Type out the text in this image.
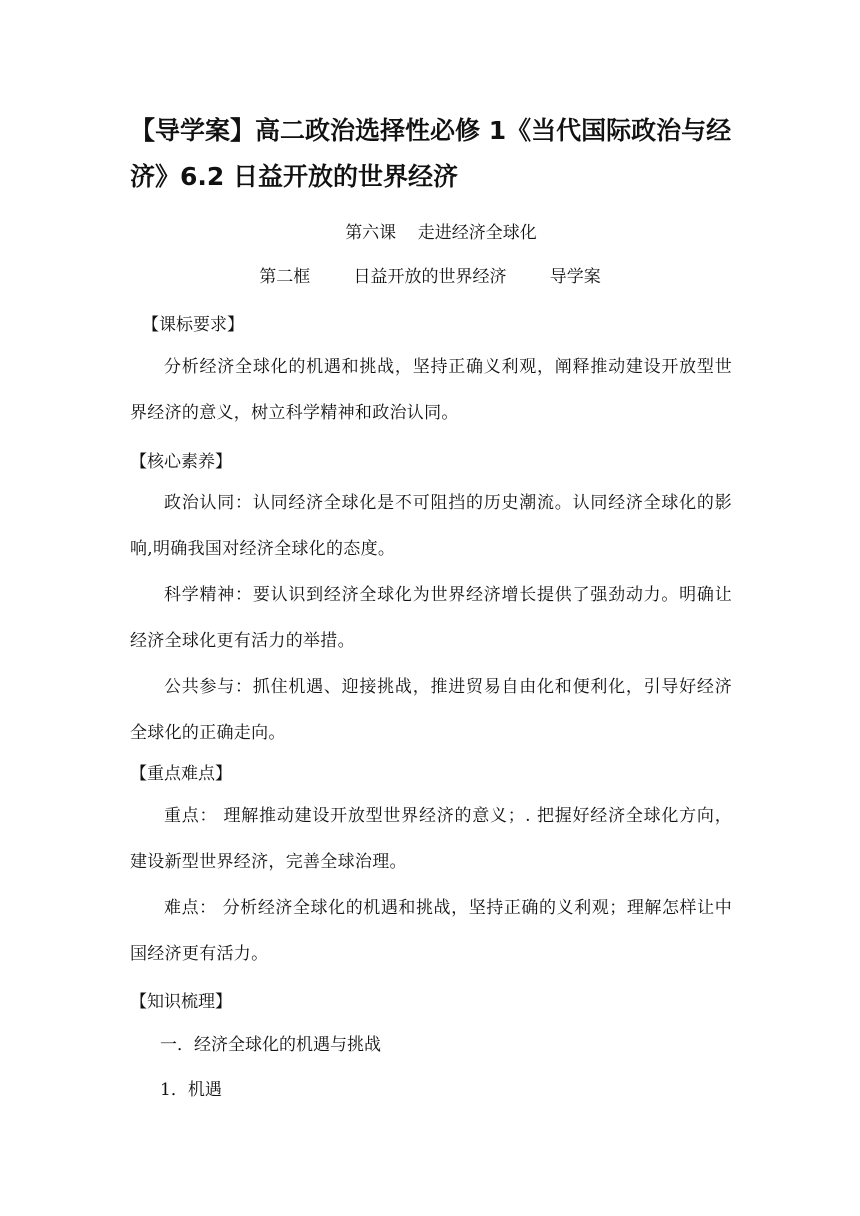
【导学案】高二政治选择性必修 1《当代国际政治与经济》6.2 日益开放的世界经济
第六课    走进经济全球化
第二框        日益开放的世界经济        导学案
【课标要求】
分析经济全球化的机遇和挑战，坚持正确义利观，阐释推动建设开放型世界经济的意义，树立科学精神和政治认同。
【核心素养】
政治认同：认同经济全球化是不可阻挡的历史潮流。认同经济全球化的影响,明确我国对经济全球化的态度。
科学精神：要认识到经济全球化为世界经济增长提供了强劲动力。明确让经济全球化更有活力的举措。
公共参与：抓住机遇、迎接挑战，推进贸易自由化和便利化，引导好经济全球化的正确走向。
【重点难点】
重点： 理解推动建设开放型世界经济的意义；. 把握好经济全球化方向，建设新型世界经济，完善全球治理。
难点： 分析经济全球化的机遇和挑战，坚持正确的义利观；理解怎样让中国经济更有活力。
【知识梳理】
一．经济全球化的机遇与挑战
1．机遇
